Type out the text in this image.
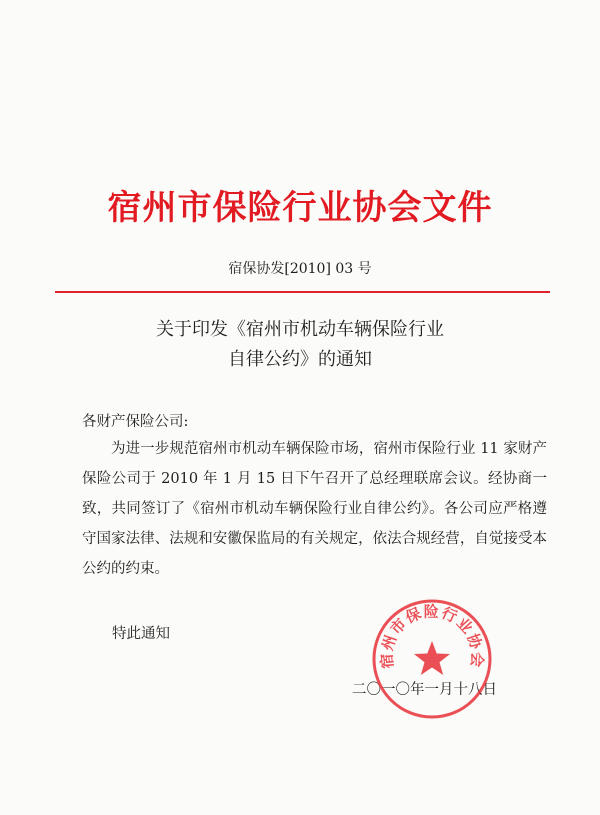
宿州市保险行业协会文件
宿保协发[2010] 03 号
关于印发《宿州市机动车辆保险行业
自律公约》的通知
各财产保险公司:
为进一步规范宿州市机动车辆保险市场，宿州市保险行业 11 家财产保险公司于 2010 年 1 月 15 日下午召开了总经理联席会议。经协商一致，共同签订了《宿州市机动车辆保险行业自律公约》。各公司应严格遵守国家法律、法规和安徽保监局的有关规定，依法合规经营，自觉接受本公约的约束。
特此通知
二〇一〇年一月十八日
宿州市保险行业协会
